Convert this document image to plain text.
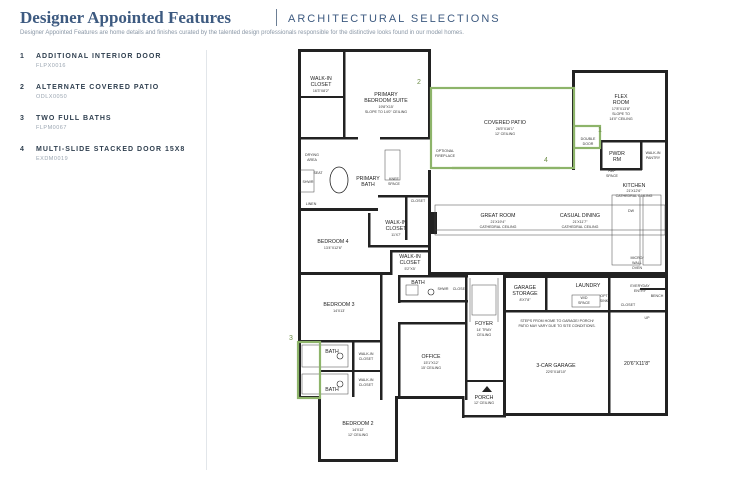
Designer Appointed Features	ARCHITECTURAL SELECTIONS
Designer Appointed Features are home details and finishes curated by the talented design professionals responsible for the distinctive looks found in our model homes.
1 ADDITIONAL INTERIOR DOOR
FLPX0016
2 ALTERNATE COVERED PATIO
ODLX0050
3 TWO FULL BATHS
FLPM0067
4 MULTI-SLIDE STACKED DOOR 15X8
EXDM0019
2
1
4
3
WALK-IN
CLOSET
16'3"X8'2"
PRIMARY
BEDROOM SUITE
19'8"X15'
SLOPE TO 14'0" CEILING
COVERED PATIO
26'5"X16'1"
12' CEILING
OPTIONAL
FIREPLACE
FLEX
ROOM
17'8"X13'8"
SLOPE TO
14'0" CEILING
DOUBLE
DOOR
PWDR
RM
WALK-IN
PANTRY
KITCHEN
21'X12'6"
CATHEDRAL CEILING
REF
SPACE
DW
MICRO/
WALL
OVEN
PRIMARY
BATH
DRYING
AREA
SEAT
SHWR
KNEE
SPACE
LINEN
CLOSET
WALK-IN
CLOSET
11'X7'
GREAT ROOM
21'X19'4"
CATHEDRAL CEILING
CASUAL DINING
21'X11'7"
CATHEDRAL CEILING
BEDROOM 4
13'4"X12'6"
WALK-IN
CLOSET
5'2"X5'
BATH
SHWR CLOSET
BEDROOM 3
14'X13'
GARAGE
STORAGE
8'X7'8"
LAUNDRY
W/D
SPACE
OPT
SINK
EVERYDAY
ENTRY
BENCH
UP
CLOSET
FOYER
14' TRAY
CEILING
STEPS FROM HOME TO GARAGE/ PORCH/
PATIO MAY VARY DUE TO SITE CONDITIONS.
BATH
BATH
WALK-IN
CLOSET
WALK-IN
CLOSET
OFFICE
15'1"X12'
15' CEILING	3-CAR GARAGE
22'6"X18'10"
20'6"X11'8"
PORCH
12' CEILING
BEDROOM 2
14'X12'
12' CEILING
